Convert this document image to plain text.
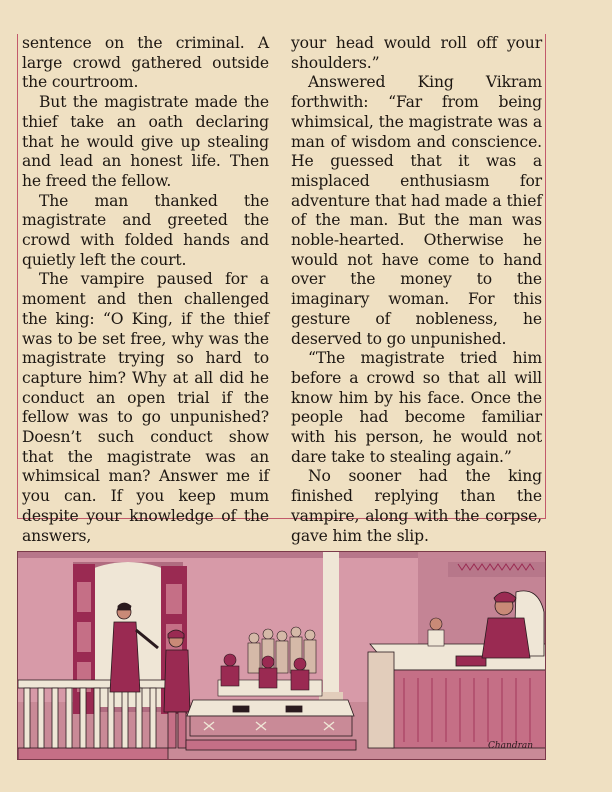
sentence on the criminal. A large crowd gathered outside the courtroom.

But the magistrate made the thief take an oath declaring that he would give up stealing and lead an honest life. Then he freed the fellow.

The man thanked the magistrate and greeted the crowd with folded hands and quietly left the court.

The vampire paused for a moment and then challenged the king: “O King, if the thief was to be set free, why was the magistrate trying so hard to capture him? Why at all did he conduct an open trial if the fellow was to go unpunished? Doesn’t such conduct show that the magistrate was an whimsical man? Answer me if you can. If you keep mum despite your knowledge of the answers,

your head would roll off your shoulders.”

Answered King Vikram forthwith: “Far from being whimsical, the magistrate was a man of wisdom and conscience. He guessed that it was a misplaced enthusiasm for adventure that had made a thief of the man. But the man was noble-hearted. Otherwise he would not have come to hand over the money to the imaginary woman. For this gesture of nobleness, he deserved to go unpunished.

“The magistrate tried him before a crowd so that all will know him by his face. Once the people had become familiar with his person, he would not dare take to stealing again.”

No sooner had the king finished replying than the vampire, along with the corpse, gave him the slip.

Chandran
